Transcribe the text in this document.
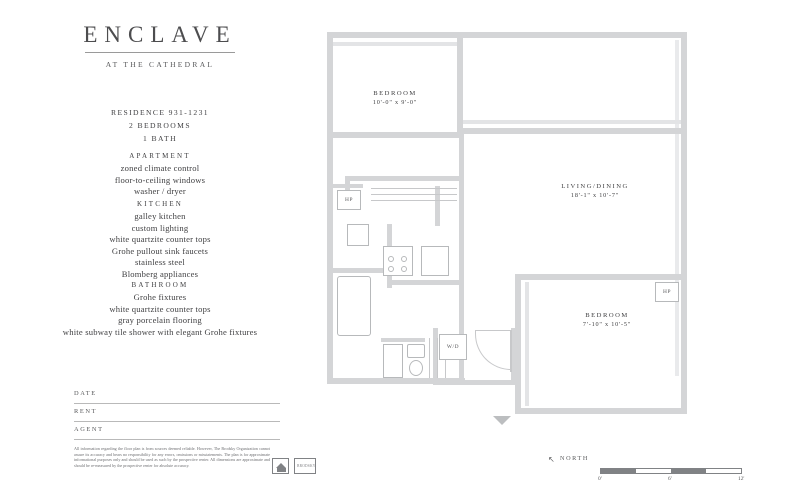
ENCLAVE
AT THE CATHEDRAL
RESIDENCE 931-1231
2 BEDROOMS
1 BATH
APARTMENT
zoned climate control
floor-to-ceiling windows
washer / dryer
KITCHEN
galley kitchen
custom lighting
white quartzite counter tops
Grohe pullout sink faucets
stainless steel
Blomberg appliances
BATHROOM
Grohe fixtures
white quartzite counter tops
gray porcelain flooring
white subway tile shower with elegant Grohe fixtures
DATE
RENT
AGENT
All information regarding the floor plan is from sources deemed reliable. However, The Brodsky Organization cannot assure its accuracy and bears no responsibility for any errors, omissions or misstatements. The plan is for approximate informational purposes only and should be used as such by the prospective renter. All dimensions are approximate and should be re-measured by the prospective renter for absolute accuracy.	BRODSKY
HP
HP
W/D
BEDROOM
10'-0" x 9'-0"
LIVING/DINING
18'-1" x 10'-7"
BEDROOM
7'-10" x 10'-5"
↖ NORTH
0'	6'	12'
